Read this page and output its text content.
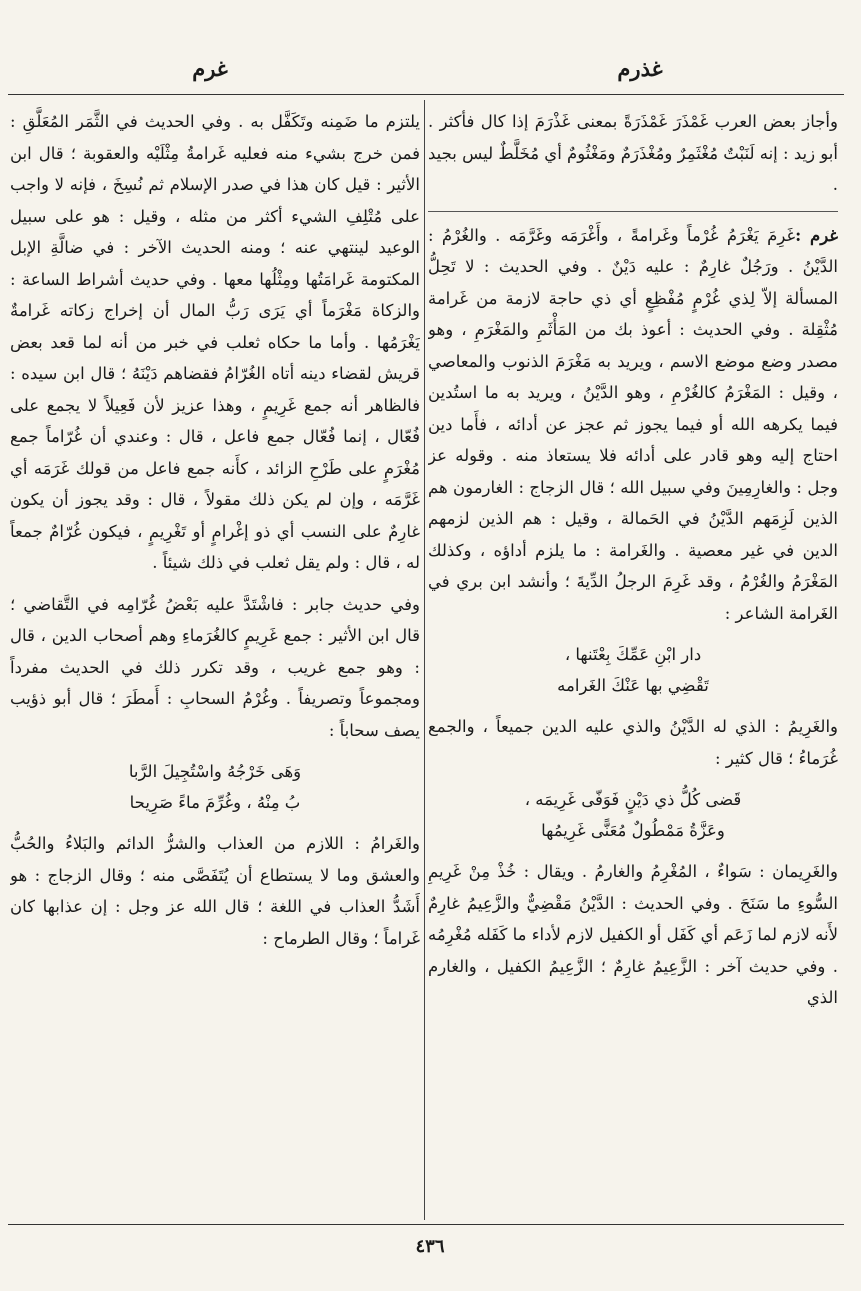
غذرم
غرم

وأجاز بعض العرب غَمْذَرَ غَمْذَرَةً بمعنى غَذْرَمَ إذا كال فأكثر . أبو زيد : إنه لَنَبْتٌ مُغْثَمِرٌ ومُغْذَرَمٌ ومَغْثُومٌ أي مُخَلَّطٌ ليس بجيد .

غرم :غَرِمَ يَغْرَمُ غُرْماً وغَرامةً ، وأَغْرَمَه وغَرَّمَه . والغُرْمُ : الدَّيْنُ . ورَجُلٌ غارِمٌ : عليه دَيْنٌ . وفي الحديث : لا تَحِلُّ المسألة إلاّ لِذي غُرْمٍ مُفْظِعٍ أي ذي حاجة لازمة من غَرامة مُثْقِلة . وفي الحديث : أعوذ بك من المَأْثَمِ والمَغْرَمِ ، وهو مصدر وضع موضع الاسم ، ويريد به مَغْرَمَ الذنوب والمعاصي ، وقيل : المَغْرَمُ كالغُرْمِ ، وهو الدَّيْنُ ، ويريد به ما استُدين فيما يكرهه الله أو فيما يجوز ثم عجز عن أدائه ، فأَما دين احتاج إليه وهو قادر على أدائه فلا يستعاذ منه . وقوله عز وجل : والغارِمِينَ وفي سبيل الله ؛ قال الزجاج : الغارمون هم الذين لَزِمَهم الدَّيْنُ في الحَمالة ، وقيل : هم الذين لزمهم الدين في غير معصية . والغَرامة : ما يلزم أداؤه ، وكذلك المَغْرَمُ والغُرْمُ ، وقد غَرِمَ الرجلُ الدِّيةَ ؛ وأنشد ابن بري في الغَرامة الشاعر :

دار ابْنِ عَمِّكَ بِعْتَنها ،
تَقْضِي بها عَنْكَ الغَرامه

والغَرِيمُ : الذي له الدَّيْنُ والذي عليه الدين جميعاً ، والجمع غُرَماءُ ؛ قال كثير :

قَضى كُلُّ ذي دَيْنٍ فَوَفّى غَرِيمَه ،
وعَزَّةُ مَمْطُولٌ مُعَنًّى غَرِيمُها

والغَرِيمان : سَواءٌ ، المُغْرِمُ والغارمُ . ويقال : خُذْ مِنْ غَرِيمِ السُّوءِ ما سَنَحَ . وفي الحديث : الدَّيْنُ مَقْضِيٌّ والزَّعِيمُ غارِمٌ لأَنه لازم لما زَعَم أي كَفَل أو الكفيل لازم لأداء ما كَفَله مُغْرِمُه . وفي حديث آخر : الزَّعِيمُ غارِمٌ ؛ الزَّعِيمُ الكفيل ، والغارم الذي

يلتزم ما ضَمِنه وتَكَفَّل به . وفي الحديث في الثَّمَر المُعَلَّقِ : فمن خرج بشيء منه فعليه غَرامةُ مِثْلَيْه والعقوبة ؛ قال ابن الأثير : قيل كان هذا في صدر الإسلام ثم نُسِخَ ، فإنه لا واجب على مُتْلِفِ الشيء أكثر من مثله ، وقيل : هو على سبيل الوعيد لينتهي عنه ؛ ومنه الحديث الآخر : في ضالَّةِ الإبل المكتومة غَرامَتُها ومِثْلُها معها . وفي حديث أشراط الساعة : والزكاة مَغْرَماً أي يَرَى رَبُّ المال أن إخراج زكاته غَرامةٌ يَغْرَمُها . وأما ما حكاه ثعلب في خبر من أنه لما قعد بعض قريش لقضاء دينه أتاه الغُرّامُ فقضاهم دَيْنَهُ ؛ قال ابن سيده : فالظاهر أنه جمع غَرِيمٍ ، وهذا عزيز لأن فَعِيلاً لا يجمع على فُعّال ، إنما فُعّال جمع فاعل ، قال : وعندي أن غُرّاماً جمع مُغْرَمٍ على طَرْحِ الزائد ، كأَنه جمع فاعل من قولك غَرَمَه أي غَرَّمَه ، وإن لم يكن ذلك مقولاً ، قال : وقد يجوز أن يكون غارِمٌ على النسب أي ذو إغْرامٍ أو تَغْرِيمٍ ، فيكون غُرّامٌ جمعاً له ، قال : ولم يقل ثعلب في ذلك شيئاً .

وفي حديث جابر : فاشْتَدَّ عليه بَعْضُ غُرّامِه في التَّقاضي ؛ قال ابن الأثير : جمع غَرِيمٍ كالغُرَماءِ وهم أصحاب الدين ، قال : وهو جمع غريب ، وقد تكرر ذلك في الحديث مفرداً ومجموعاً وتصريفاً . وغُرْمُ السحابِ : أَمطَرَ ؛ قال أبو ذؤيب يصف سحاباً :

وَهَى خَرْجُهُ واسْتُجِيلَ الرَّبا
بُ مِنْهُ ، وغُرِّمَ ماءً صَرِيحا

والغَرامُ : اللازم من العذاب والشرُّ الدائم والبَلاءُ والحُبُّ والعشق وما لا يستطاع أن يُتَفَصَّى منه ؛ وقال الزجاج : هو أَشَدُّ العذاب في اللغة ؛ قال الله عز وجل : إن عذابها كان غَراماً ؛ وقال الطرماح :

٤٣٦
